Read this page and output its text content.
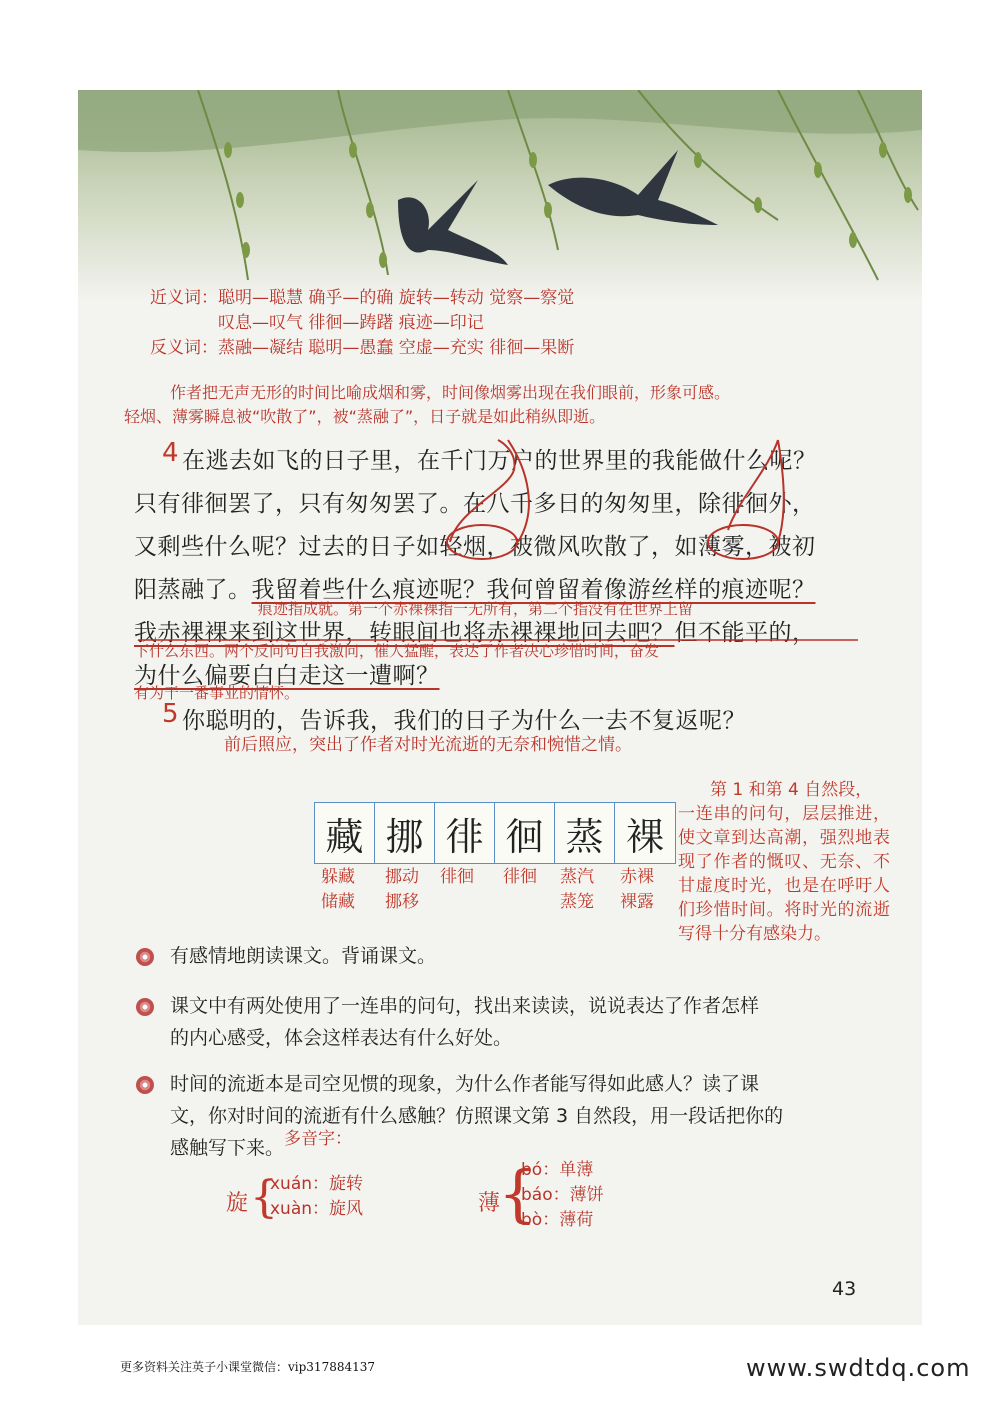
近义词：聪明—聪慧 确乎—的确 旋转—转动 觉察—察觉
叹息—叹气 徘徊—踌躇 痕迹—印记
反义词：蒸融—凝结 聪明—愚蠢 空虚—充实 徘徊—果断
作者把无声无形的时间比喻成烟和雾，时间像烟雾出现在我们眼前，形象可感。
轻烟、薄雾瞬息被“吹散了”，被“蒸融了”，日子就是如此稍纵即逝。
4 在逃去如飞的日子里，在千门万户的世界里的我能做什么呢？
只有徘徊罢了，只有匆匆罢了。在八千多日的匆匆里，除徘徊外，
又剩些什么呢？过去的日子如轻烟，被微风吹散了，如薄雾，被初
阳蒸融了。我留着些什么痕迹呢？我何曾留着像游丝样的痕迹呢？
痕迹指成就。第一个赤裸裸指一无所有，第二个指没有在世界上留
我赤裸裸来到这世界，转眼间也将赤裸裸地回去吧？但不能平的，
下什么东西。两个反问句自我激问，催人猛醒，表达了作者决心珍惜时间，奋发
为什么偏要白白走这一遭啊？
有为干一番事业的情怀。
5 你聪明的，告诉我，我们的日子为什么一去不复返呢？
前后照应，突出了作者对时光流逝的无奈和惋惜之情。
藏 挪 徘 徊 蒸 裸
躲藏
储藏
挪动
挪移
徘徊 徘徊 蒸汽
蒸笼
赤裸
裸露
第 1 和第 4 自然段，
一连串的问句，层层推进，使文章到达高潮，强烈地表现了作者的慨叹、无奈、不甘虚度时光，也是在呼吁人们珍惜时间。将时光的流逝写得十分有感染力。
有感情地朗读课文。背诵课文。
课文中有两处使用了一连串的问句，找出来读读，说说表达了作者怎样
的内心感受，体会这样表达有什么好处。
时间的流逝本是司空见惯的现象，为什么作者能写得如此感人？读了课
文，你对时间的流逝有什么感触？仿照课文第 3 自然段，用一段话把你的
感触写下来。多音字：
旋 {
xuán：旋转
xuàn：旋风	薄
{
bó：单薄
báo：薄饼
bò：薄荷
43
更多资料关注英子小课堂微信：vip317884137	www.swdtdq.com
